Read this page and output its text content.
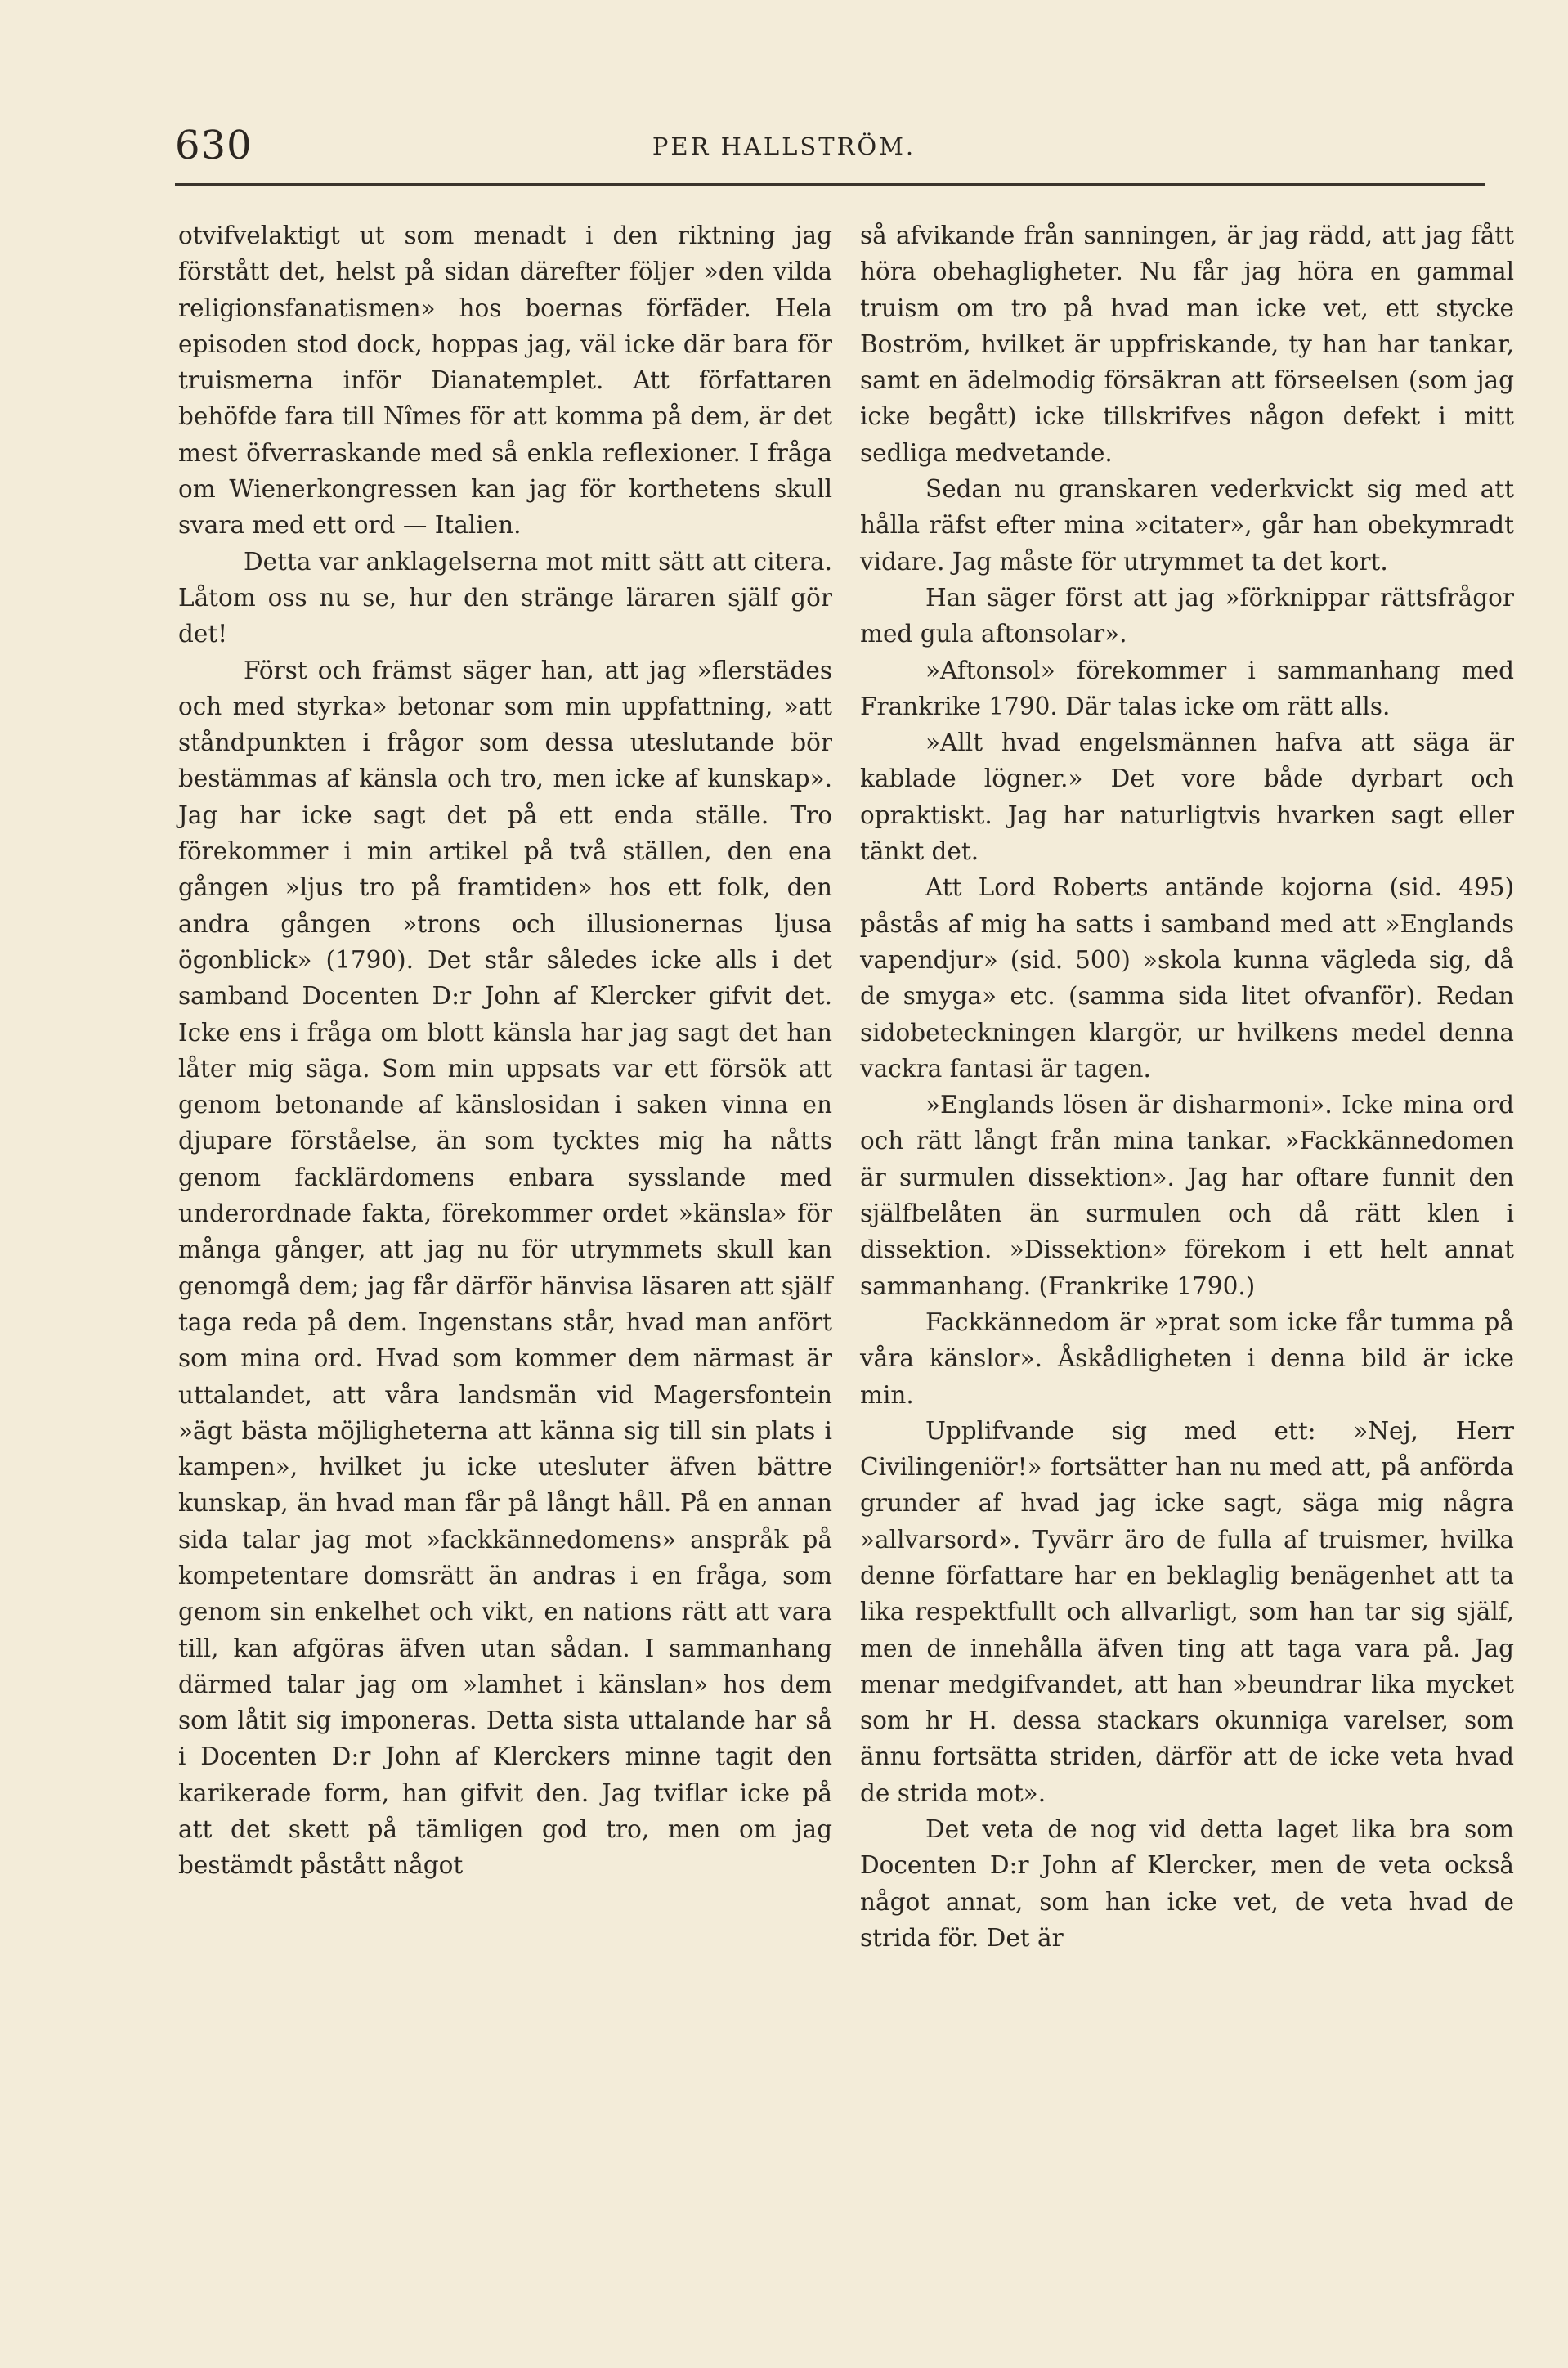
630	PER HALLSTRÖM.

otvifvelaktigt ut som menadt i den riktning jag förstått det, helst på sidan därefter följer »den vilda religionsfanatismen» hos boernas förfäder. Hela episoden stod dock, hoppas jag, väl icke där bara för truismerna inför Dianatemplet. Att författaren behöfde fara till Nîmes för att komma på dem, är det mest öfverraskande med så enkla reflexioner. I fråga om Wienerkongressen kan jag för korthetens skull svara med ett ord — Italien.

Detta var anklagelserna mot mitt sätt att citera. Låtom oss nu se, hur den stränge läraren själf gör det!

Först och främst säger han, att jag »flerstädes och med styrka» betonar som min uppfattning, »att ståndpunkten i frågor som dessa uteslutande bör bestämmas af känsla och tro, men icke af kunskap». Jag har icke sagt det på ett enda ställe. Tro förekommer i min artikel på två ställen, den ena gången »ljus tro på framtiden» hos ett folk, den andra gången »trons och illusionernas ljusa ögonblick» (1790). Det står således icke alls i det samband Docenten D:r John af Klercker gifvit det. Icke ens i fråga om blott känsla har jag sagt det han låter mig säga. Som min uppsats var ett försök att genom betonande af känslosidan i saken vinna en djupare förståelse, än som tycktes mig ha nåtts genom facklärdomens enbara sysslande med underordnade fakta, förekommer ordet »känsla» för många gånger, att jag nu för utrymmets skull kan genomgå dem; jag får därför hänvisa läsaren att själf taga reda på dem. Ingenstans står, hvad man anfört som mina ord. Hvad som kommer dem närmast är uttalandet, att våra landsmän vid Magersfontein »ägt bästa möjligheterna att känna sig till sin plats i kampen», hvilket ju icke utesluter äfven bättre kunskap, än hvad man får på långt håll. På en annan sida talar jag mot »fackkännedomens» anspråk på kompetentare domsrätt än andras i en fråga, som genom sin enkelhet och vikt, en nations rätt att vara till, kan afgöras äfven utan sådan. I sammanhang därmed talar jag om »lamhet i känslan» hos dem som låtit sig imponeras. Detta sista uttalande har så i Docenten D:r John af Klerckers minne tagit den karikerade form, han gifvit den. Jag tviflar icke på att det skett på tämligen god tro, men om jag bestämdt påstått något

så afvikande från sanningen, är jag rädd, att jag fått höra obehagligheter. Nu får jag höra en gammal truism om tro på hvad man icke vet, ett stycke Boström, hvilket är uppfriskande, ty han har tankar, samt en ädelmodig försäkran att förseelsen (som jag icke begått) icke tillskrifves någon defekt i mitt sedliga medvetande.

Sedan nu granskaren vederkvickt sig med att hålla räfst efter mina »citater», går han obekymradt vidare. Jag måste för utrymmet ta det kort.

Han säger först att jag »förknippar rättsfrågor med gula aftonsolar».

»Aftonsol» förekommer i sammanhang med Frankrike 1790. Där talas icke om rätt alls.

»Allt hvad engelsmännen hafva att säga är kablade lögner.» Det vore både dyrbart och opraktiskt. Jag har naturligtvis hvarken sagt eller tänkt det.

Att Lord Roberts antände kojorna (sid. 495) påstås af mig ha satts i samband med att »Englands vapendjur» (sid. 500) »skola kunna vägleda sig, då de smyga» etc. (samma sida litet ofvanför). Redan sidobeteckningen klargör, ur hvilkens medel denna vackra fantasi är tagen.

»Englands lösen är disharmoni». Icke mina ord och rätt långt från mina tankar. »Fackkännedomen är surmulen dissektion». Jag har oftare funnit den själfbelåten än surmulen och då rätt klen i dissektion. »Dissektion» förekom i ett helt annat sammanhang. (Frankrike 1790.)

Fackkännedom är »prat som icke får tumma på våra känslor». Åskådligheten i denna bild är icke min.

Upplifvande sig med ett: »Nej, Herr Civilingeniör!» fortsätter han nu med att, på anförda grunder af hvad jag icke sagt, säga mig några »allvarsord». Tyvärr äro de fulla af truismer, hvilka denne författare har en beklaglig benägenhet att ta lika respektfullt och allvarligt, som han tar sig själf, men de innehålla äfven ting att taga vara på. Jag menar medgifvandet, att han »beundrar lika mycket som hr H. dessa stackars okunniga varelser, som ännu fortsätta striden, därför att de icke veta hvad de strida mot».

Det veta de nog vid detta laget lika bra som Docenten D:r John af Klercker, men de veta också något annat, som han icke vet, de veta hvad de strida för. Det är
